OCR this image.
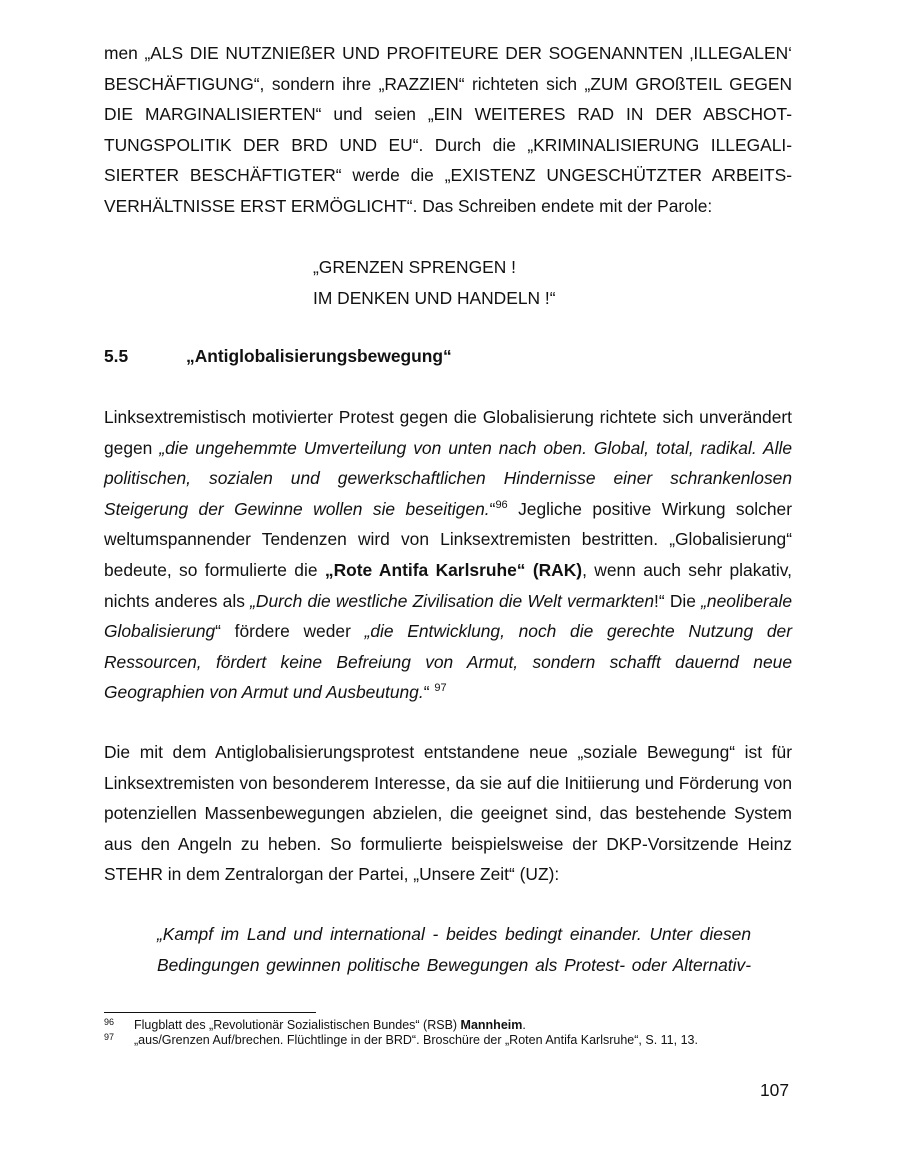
men „ALS DIE NUTZNIEßER UND PROFITEURE DER SOGENANNTEN ‚ILLEGALEN‘ BESCHÄFTIGUNG“, sondern ihre „RAZZIEN“ richteten sich „ZUM GROßTEIL GEGEN DIE MARGINALISIERTEN“ und seien „EIN WEITERES RAD IN DER ABSCHOT-TUNGSPOLITIK DER BRD UND EU“. Durch die „KRIMINALISIERUNG ILLEGALI-SIERTER BESCHÄFTIGTER“ werde die „EXISTENZ UNGESCHÜTZTER ARBEITS-VERHÄLTNISSE ERST ERMÖGLICHT“. Das Schreiben endete mit der Parole:

„GRENZEN SPRENGEN !
IM DENKEN UND HANDELN !“
5.5	„Antiglobalisierungsbewegung“

Linksextremistisch motivierter Protest gegen die Globalisierung richtete sich unverändert gegen „die ungehemmte Umverteilung von unten nach oben. Global, total, radikal. Alle politischen, sozialen und gewerkschaftlichen Hindernisse einer schrankenlosen Steigerung der Gewinne wollen sie beseitigen.“$^{96}$ Jegliche positive Wirkung solcher weltumspannender Tendenzen wird von Linksextremisten bestritten. „Globalisierung“ bedeute, so formulierte die „Rote Antifa Karlsruhe“ (RAK), wenn auch sehr plakativ, nichts anderes als „Durch die westliche Zivilisation die Welt vermarkten!“ Die „neoliberale Globalisierung“ fördere weder „die Entwicklung, noch die gerechte Nutzung der Ressourcen, fördert keine Befreiung von Armut, sondern schafft dauernd neue Geographien von Armut und Ausbeutung.“ $^{97}$

Die mit dem Antiglobalisierungsprotest entstandene neue „soziale Bewegung“ ist für Linksextremisten von besonderem Interesse, da sie auf die Initiierung und Förderung von potenziellen Massenbewegungen abzielen, die geeignet sind, das bestehende System aus den Angeln zu heben. So formulierte beispielsweise der DKP-Vorsitzende Heinz STEHR in dem Zentralorgan der Partei, „Unsere Zeit“ (UZ):

„Kampf im Land und international - beides bedingt einander. Unter diesen Bedingungen gewinnen politische Bewegungen als Protest- oder Alternativ-

96 Flugblatt des „Revolutionär Sozialistischen Bundes“ (RSB) Mannheim.
97 „aus/Grenzen Auf/brechen. Flüchtlinge in der BRD“. Broschüre der „Roten Antifa Karlsruhe“, S. 11, 13.
107
